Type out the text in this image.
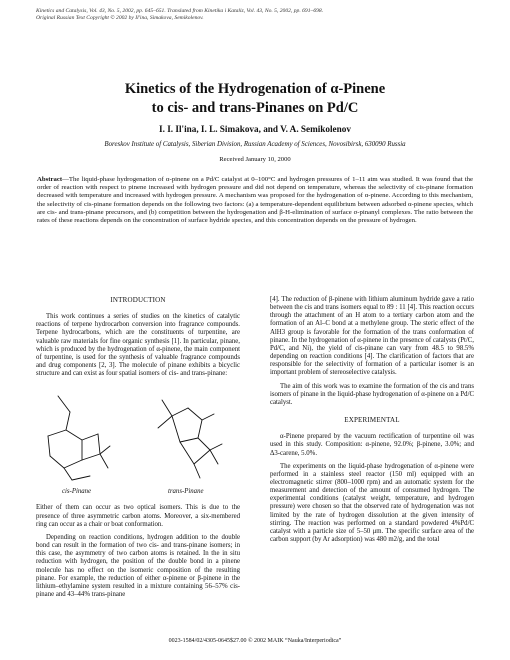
Kinetics and Catalysis, Vol. 43, No. 5, 2002, pp. 645–651. Translated from Kinetika i Kataliz, Vol. 43, No. 5, 2002, pp. 691–698.
Original Russian Text Copyright © 2002 by Il'ina, Simakova, Semikolenov.
Kinetics of the Hydrogenation of α-Pinene
to cis- and trans-Pinanes on Pd/C
I. I. Il'ina, I. L. Simakova, and V. A. Semikolenov
Boreskov Institute of Catalysis, Siberian Division, Russian Academy of Sciences, Novosibirsk, 630090 Russia
Received January 10, 2000
Abstract—The liquid-phase hydrogenation of α-pinene on a Pd/C catalyst at 0–100°C and hydrogen pressures of 1–11 atm was studied. It was found that the order of reaction with respect to pinene increased with hydrogen pressure and did not depend on temperature, whereas the selectivity of cis-pinane formation decreased with temperature and increased with hydrogen pressure. A mechanism was proposed for the hydrogenation of α-pinene. According to this mechanism, the selectivity of cis-pinane formation depends on the following two factors: (a) a temperature-dependent equilibrium between adsorbed α-pinene species, which are cis- and trans-pinane precursors, and (b) competition between the hydrogenation and β-H-elimination of surface σ-pinanyl complexes. The ratio between the rates of these reactions depends on the concentration of surface hydride species, and this concentration depends on the pressure of hydrogen.
INTRODUCTION

This work continues a series of studies on the kinetics of catalytic reactions of terpene hydrocarbon conversion into fragrance compounds. Terpene hydrocarbons, which are the constituents of turpentine, are valuable raw materials for fine organic synthesis [1]. In particular, pinane, which is produced by the hydrogenation of α-pinene, the main component of turpentine, is used for the synthesis of valuable fragrance compounds and drug components [2, 3]. The molecule of pinane exhibits a bicyclic structure and can exist as four spatial isomers of cis- and trans-pinane:

cis-Pinane	trans-Pinane

Either of them can occur as two optical isomers. This is due to the presence of three asymmetric carbon atoms. Moreover, a six-membered ring can occur as a chair or boat conformation.

Depending on reaction conditions, hydrogen addition to the double bond can result in the formation of two cis- and trans-pinane isomers; in this case, the asymmetry of two carbon atoms is retained. In the in situ reduction with hydrogen, the position of the double bond in a pinene molecule has no effect on the isomeric composition of the resulting pinane. For example, the reduction of either α-pinene or β-pinene in the lithium–ethylamine system resulted in a mixture containing 56–57% cis-pinane and 43–44% trans-pinane

[4]. The reduction of β-pinene with lithium aluminum hydride gave a ratio between the cis and trans isomers equal to 89 : 11 [4]. This reaction occurs through the attachment of an H atom to a tertiary carbon atom and the formation of an Al–C bond at a methylene group. The steric effect of the AlH3 group is favorable for the formation of the trans conformation of pinane. In the hydrogenation of α-pinene in the presence of catalysts (Pt/C, Pd/C, and Ni), the yield of cis-pinane can vary from 48.5 to 98.5% depending on reaction conditions [4]. The clarification of factors that are responsible for the selectivity of formation of a particular isomer is an important problem of stereoselective catalysis.

The aim of this work was to examine the formation of the cis and trans isomers of pinane in the liquid-phase hydrogenation of α-pinene on a Pd/C catalyst.

EXPERIMENTAL

α-Pinene prepared by the vacuum rectification of turpentine oil was used in this study. Composition: α-pinene, 92.0%; β-pinene, 3.0%; and Δ3-carene, 5.0%.

The experiments on the liquid-phase hydrogenation of α-pinene were performed in a stainless steel reactor (150 ml) equipped with an electromagnetic stirrer (800–1000 rpm) and an automatic system for the measurement and detection of the amount of consumed hydrogen. The experimental conditions (catalyst weight, temperature, and hydrogen pressure) were chosen so that the observed rate of hydrogenation was not limited by the rate of hydrogen dissolution at the given intensity of stirring. The reaction was performed on a standard powdered 4%Pd/C catalyst with a particle size of 5–50 μm. The specific surface area of the carbon support (by Ar adsorption) was 480 m2/g, and the total

0023-1584/02/4305-0645$27.00 © 2002 MAIK “Nauka/Interperiodica”
